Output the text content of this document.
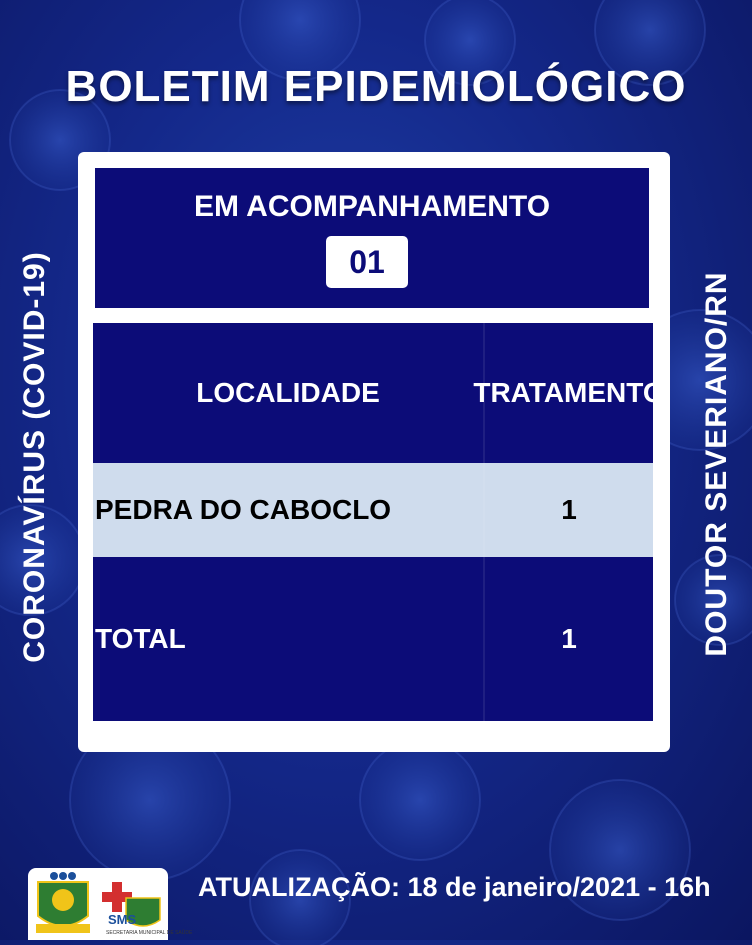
BOLETIM EPIDEMIOLÓGICO
CORONAVÍRUS (COVID-19)	DOUTOR SEVERIANO/RN
EM ACOMPANHAMENTO
01
LOCALIDADE	TRATAMENTO
PEDRA DO CABOCLO	1
TOTAL	1
SMS
SECRETARIA MUNICIPAL DE SAÚDE
ATUALIZAÇÃO: 18 de janeiro/2021 - 16h
